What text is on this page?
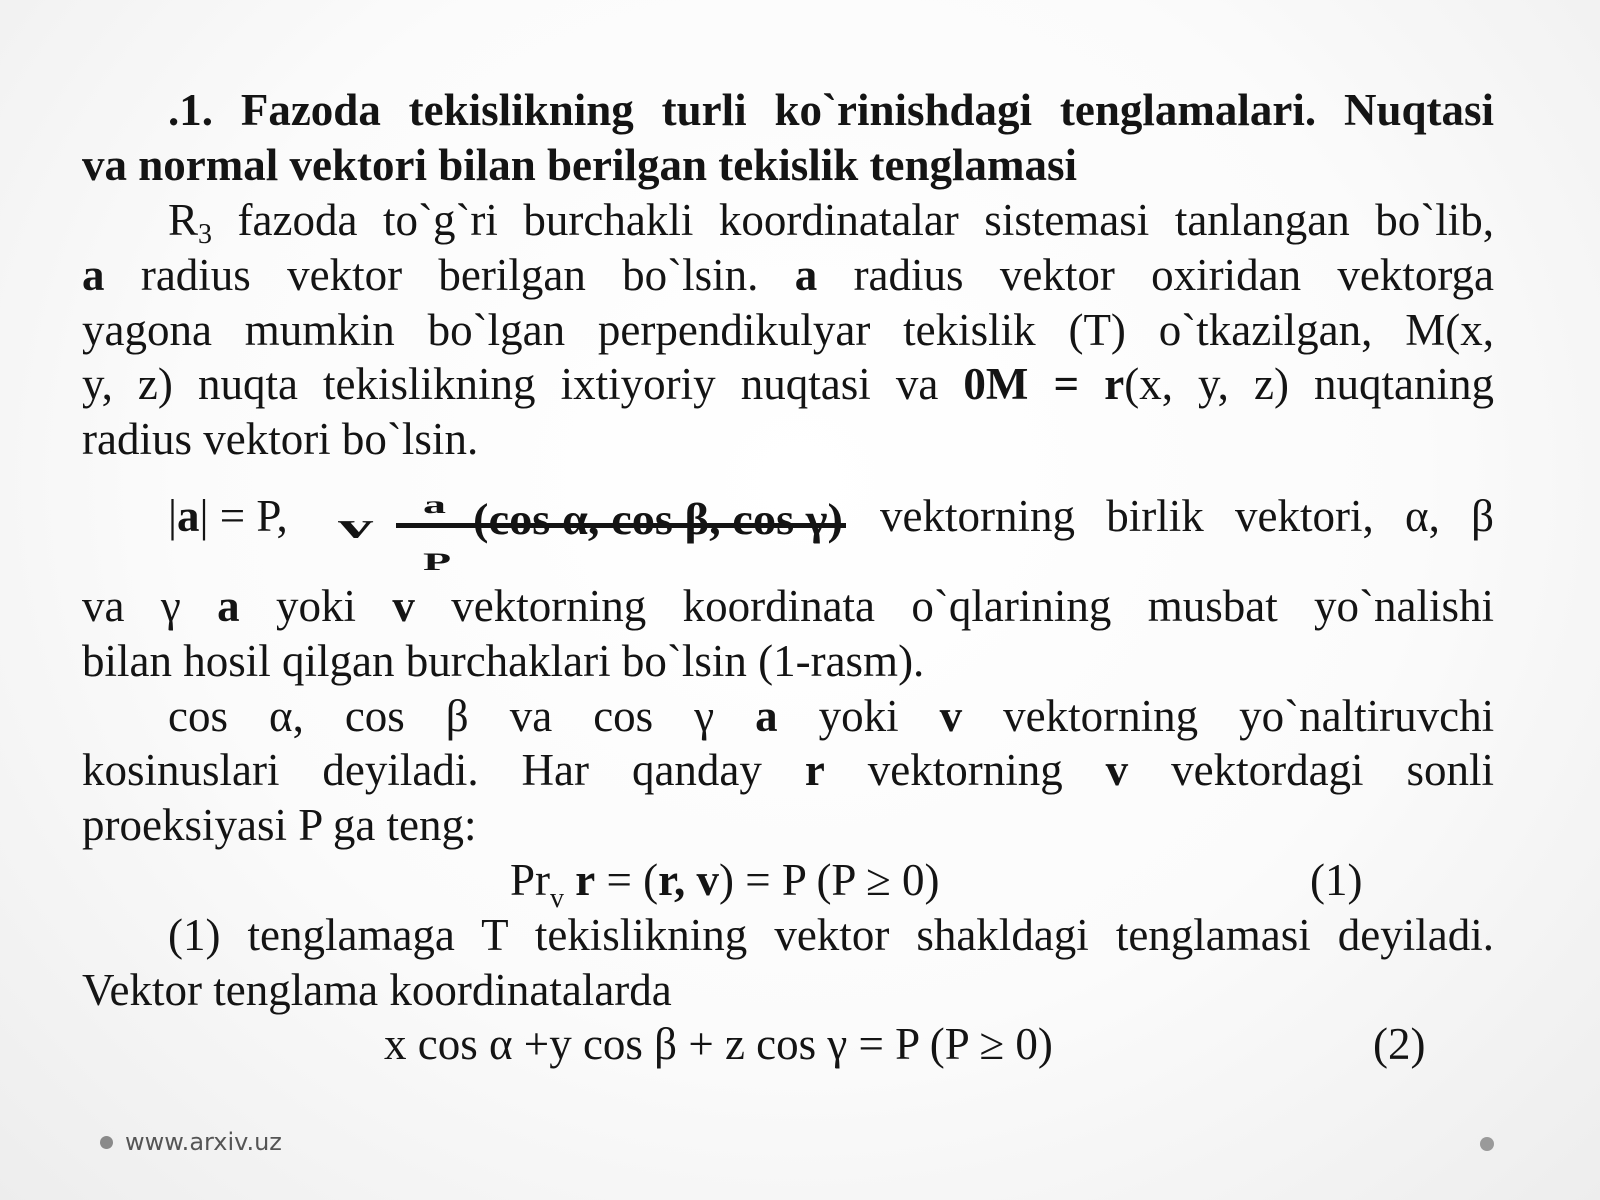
.1. Fazoda tekislikning turli ko`rinishdagi tenglamalari. Nuqtasi
va normal vektori bilan berilgan tekislik tenglamasi
$R_3$ fazoda to`g`ri burchakli koordinatalar sistemasi tanlangan bo`lib,
a radius vektor berilgan bo`lsin. a radius vektor oxiridan vektorga
yagona mumkin bo`lgan perpendikulyar tekislik (T) o`tkazilgan, M(x,
y, z) nuqta tekislikning ixtiyoriy nuqtasi va 0M = r(x, y, z) nuqtaning
radius vektori bo`lsin.
|a| = P,	a
v (cos α, cos β, cos γ)
P
vektorning birlik vektori, α, β
va γ a yoki v vektorning koordinata o`qlarining musbat yo`nalishi
bilan hosil qilgan burchaklari bo`lsin (1-rasm).
cos α, cos β va cos γ a yoki v vektorning yo`naltiruvchi
kosinuslari deyiladi. Har qanday r vektorning v vektordagi sonli
proeksiyasi P ga teng:
$Pr_v$ r = (r, v) = P (P ≥ 0)	(1)
(1) tenglamaga T tekislikning vektor shakldagi tenglamasi deyiladi.
Vektor tenglama koordinatalarda
x cos α +y cos β + z cos γ = P (P ≥ 0)	(2)
www.arxiv.uz
